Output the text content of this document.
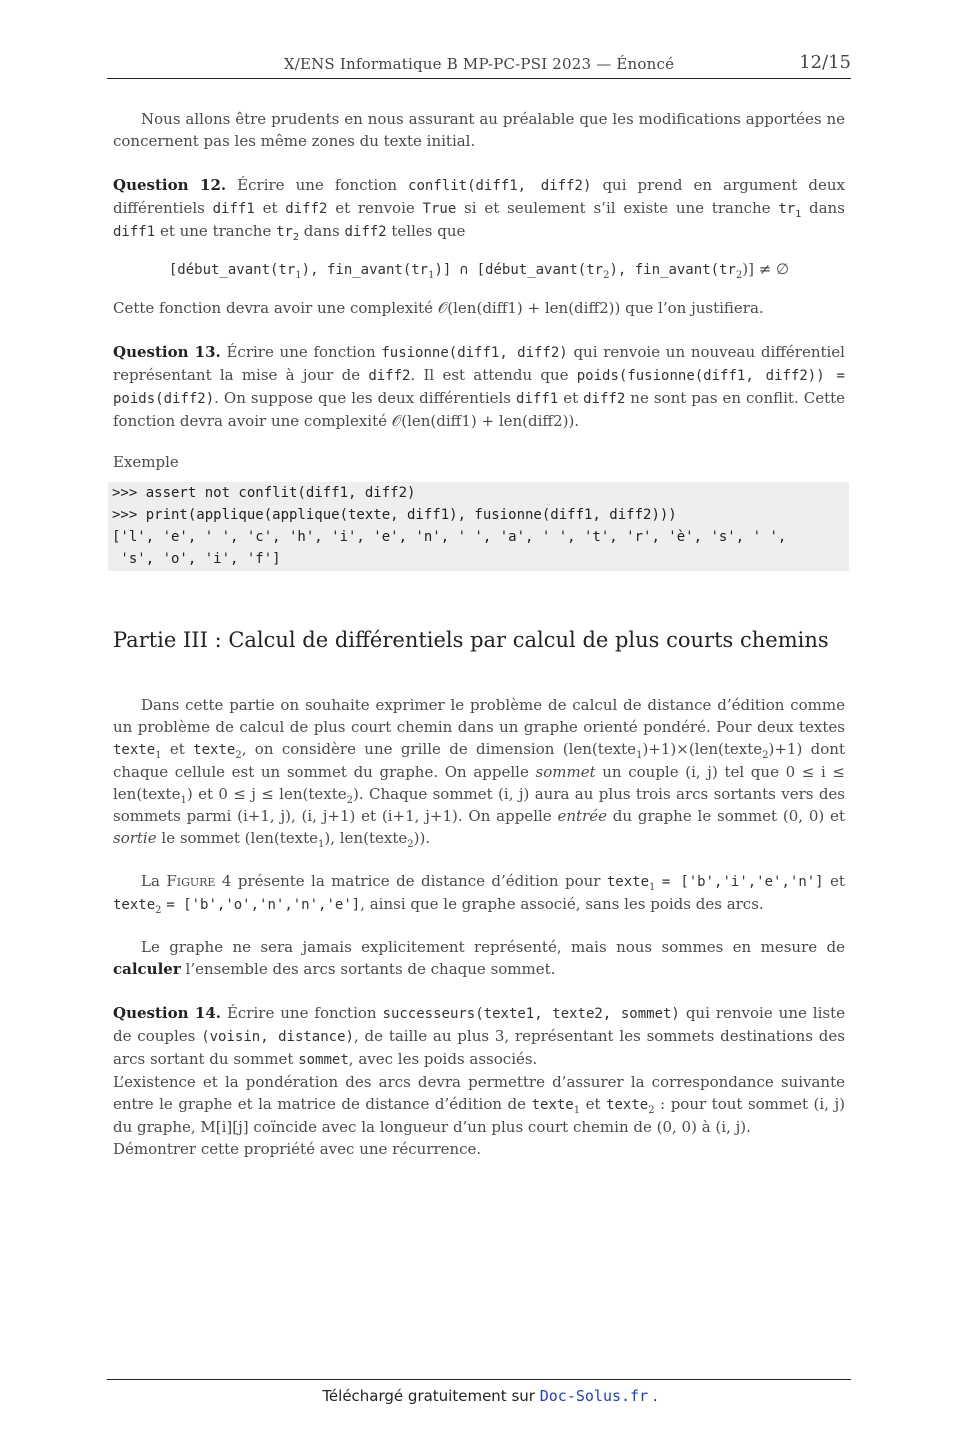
X/ENS Informatique B MP-PC-PSI 2023 — Énoncé	12/15

Nous allons être prudents en nous assurant au préalable que les modifications apportées ne concernent pas les même zones du texte initial.

Question 12. Écrire une fonction conflit(diff1, diff2) qui prend en argument deux différentiels diff1 et diff2 et renvoie True si et seulement s’il existe une tranche $tr_1$ dans diff1 et une tranche $tr_2$ dans diff2 telles que

[$début\_avant(tr_1)$, $fin\_avant(tr_1)$] ∩ [$début\_avant(tr_2)$, $fin\_avant(tr_2)$] ≠ ∅

Cette fonction devra avoir une complexité 𝒪(len(diff1) + len(diff2)) que l’on justifiera.

Question 13. Écrire une fonction fusionne(diff1, diff2) qui renvoie un nouveau différentiel représentant la mise à jour de diff2. Il est attendu que poids(fusionne(diff1, diff2)) = poids(diff2). On suppose que les deux différentiels diff1 et diff2 ne sont pas en conflit. Cette fonction devra avoir une complexité 𝒪(len(diff1) + len(diff2)).

Exemple

>>> assert not conflit(diff1, diff2)
>>> print(applique(applique(texte, diff1), fusionne(diff1, diff2)))
['l', 'e', ' ', 'c', 'h', 'i', 'e', 'n', ' ', 'a', ' ', 't', 'r', 'è', 's', ' ',
's', 'o', 'i', 'f']
Partie III : Calcul de différentiels par calcul de plus courts chemins

Dans cette partie on souhaite exprimer le problème de calcul de distance d’édition comme un problème de calcul de plus court chemin dans un graphe orienté pondéré. Pour deux textes texte$_1$ et texte$_2$, on considère une grille de dimension (len(texte$_1$)+1)×(len(texte$_2$)+1) dont chaque cellule est un sommet du graphe. On appelle sommet un couple (i, j) tel que 0 ≤ i ≤ len(texte$_1$) et 0 ≤ j ≤ len(texte$_2$). Chaque sommet (i, j) aura au plus trois arcs sortants vers des sommets parmi (i+1, j), (i, j+1) et (i+1, j+1). On appelle entrée du graphe le sommet (0, 0) et sortie le sommet (len(texte$_1$), len(texte$_2$)).

La Figure 4 présente la matrice de distance d’édition pour texte$_1$ = ['b','i','e','n'] et texte$_2$ = ['b','o','n','n','e'], ainsi que le graphe associé, sans les poids des arcs.

Le graphe ne sera jamais explicitement représenté, mais nous sommes en mesure de calculer l’ensemble des arcs sortants de chaque sommet.

Question 14. Écrire une fonction successeurs(texte1, texte2, sommet) qui renvoie une liste de couples (voisin, distance), de taille au plus 3, représentant les sommets destinations des arcs sortant du sommet sommet, avec les poids associés.
L’existence et la pondération des arcs devra permettre d’assurer la correspondance suivante entre le graphe et la matrice de distance d’édition de texte$_1$ et texte$_2$ : pour tout sommet (i, j) du graphe, M[i][j] coïncide avec la longueur d’un plus court chemin de (0, 0) à (i, j).
Démontrer cette propriété avec une récurrence.

Téléchargé gratuitement sur Doc-Solus.fr .
